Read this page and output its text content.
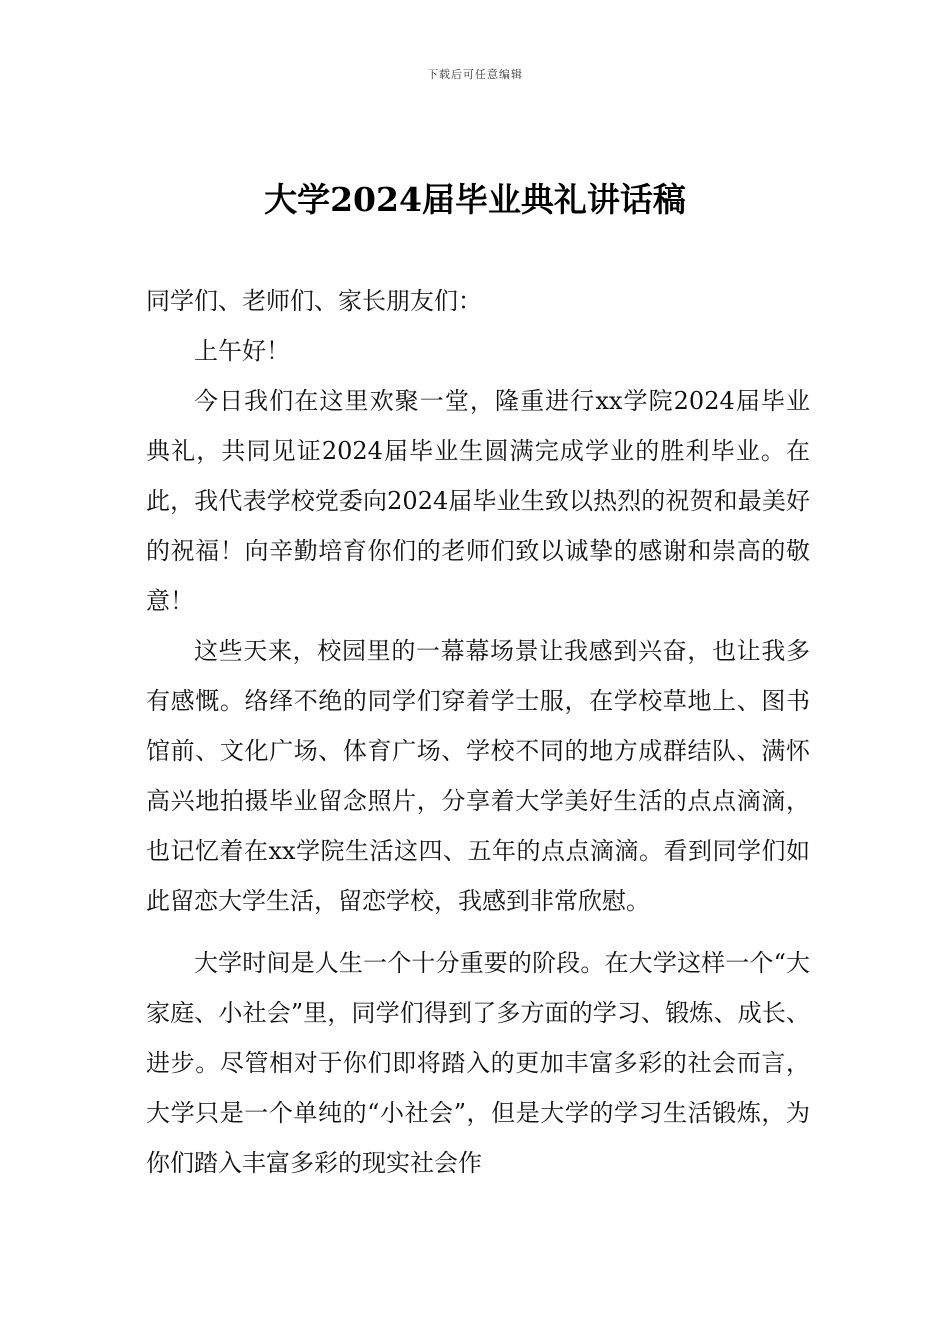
下载后可任意编辑
大学2024届毕业典礼讲话稿

同学们、老师们、家长朋友们：

上午好！

今日我们在这里欢聚一堂，隆重进行xx学院2024届毕业典礼，共同见证2024届毕业生圆满完成学业的胜利毕业。在此，我代表学校党委向2024届毕业生致以热烈的祝贺和最美好的祝福！向辛勤培育你们的老师们致以诚挚的感谢和崇高的敬意！

这些天来，校园里的一幕幕场景让我感到兴奋，也让我多有感慨。络绎不绝的同学们穿着学士服，在学校草地上、图书馆前、文化广场、体育广场、学校不同的地方成群结队、满怀高兴地拍摄毕业留念照片，分享着大学美好生活的点点滴滴，也记忆着在xx学院生活这四、五年的点点滴滴。看到同学们如此留恋大学生活，留恋学校，我感到非常欣慰。

大学时间是人生一个十分重要的阶段。在大学这样一个“大家庭、小社会”里，同学们得到了多方面的学习、锻炼、成长、进步。尽管相对于你们即将踏入的更加丰富多彩的社会而言，大学只是一个单纯的“小社会”，但是大学的学习生活锻炼，为你们踏入丰富多彩的现实社会作
